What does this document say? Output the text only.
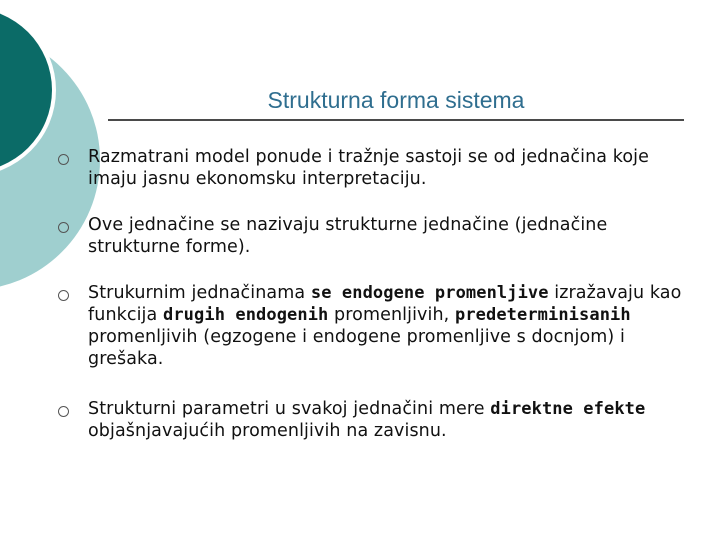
Strukturna forma sistema
Razmatrani model ponude i tražnje sastoji se od jednačina koje imaju jasnu ekonomsku interpretaciju.
Ove jednačine se nazivaju strukturne jednačine (jednačine strukturne forme).
Strukurnim jednačinama se endogene promenljive izražavaju kao funkcija drugih endogenih promenljivih, predeterminisanih promenljivih (egzogene i endogene promenljive s docnjom) i grešaka.
Strukturni parametri u svakoj jednačini mere direktne efekte objašnjavajućih promenljivih na zavisnu.
